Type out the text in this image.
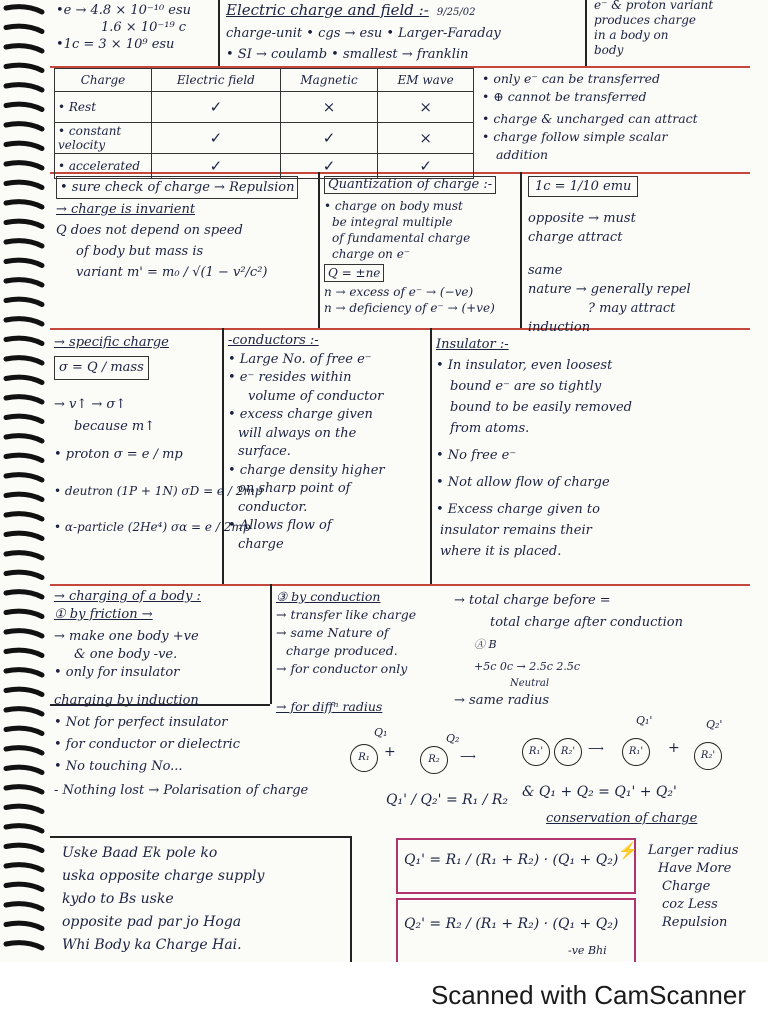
•e → 4.8 × 10⁻¹⁰ esu
1.6 × 10⁻¹⁹ c
•1c = 3 × 10⁹ esu
Electric charge and field :- 9/25/02
charge-unit • cgs → esu • Larger-Faraday
• SI → coulamb • smallest → franklin
e⁻ & proton variant
produces charge
in a body on
body
Charge	Electric field	Magnetic	EM wave
• Rest	✓	×	×
• constant velocity	✓	✓	×
• accelerated	✓	✓	✓
• only e⁻ can be transferred
• ⊕ cannot be transferred
• charge & uncharged can attract
• charge follow simple scalar
addition
• sure check of charge → Repulsion
→ charge is invarient
Q does not depend on speed
of body but mass is
variant m' = m₀ / √(1 − v²/c²)
Quantization of charge :-
• charge on body must
be integral multiple
of fundamental charge
charge on e⁻
Q = ±ne
n → excess of e⁻ → (−ve)
n → deficiency of e⁻ → (+ve)
1c = 1/10 emu
opposite → must
charge attract
same
nature → generally repel
? may attract
induction
→ specific charge
σ = Q / mass
→ v↑ → σ↑
because m↑
• proton σ = e / mp
• deutron (1P + 1N) σD = e / 2mp
• α-particle (2He⁴) σα = e / 2mp
-conductors :-
• Large No. of free e⁻
• e⁻ resides within
volume of conductor
• excess charge given
will always on the
surface.
• charge density higher
on sharp point of
conductor.
• Allows flow of
charge
Insulator :-
• In insulator, even loosest
bound e⁻ are so tightly
bound to be easily removed
from atoms.
• No free e⁻
• Not allow flow of charge
• Excess charge given to
insulator remains their
where it is placed.
→ charging of a body :
① by friction →
→ make one body +ve
& one body -ve.
• only for insulator
charging by induction
• Not for perfect insulator
• for conductor or dielectric
• No touching No...
- Nothing lost → Polarisation of charge
③ by conduction
→ transfer like charge
→ same Nature of
charge produced.
→ for conductor only
→ for diffⁿ radius
→ total charge before =
total charge after conduction
Ⓐ B
+5c 0c → 2.5c 2.5c
Neutral
→ same radius
Q₁
R₁	+
Q₂
R₂	⟶	R₁'	R₂'	⟶
Q₁'
R₁'	+
Q₂'
R₂'
Q₁' / Q₂' = R₁ / R₂ & Q₁ + Q₂ = Q₁' + Q₂'
conservation of charge
Uske Baad Ek pole ko
uska opposite charge supply
kydo to Bs uske
opposite pad par jo Hoga
Whi Body ka Charge Hai.
Q₁' = R₁ / (R₁ + R₂) · (Q₁ + Q₂)
Q₂' = R₂ / (R₁ + R₂) · (Q₁ + Q₂)
-ve Bhi
⚡ Larger radius
Have More
Charge
coz Less
Repulsion
Scanned with CamScanner
